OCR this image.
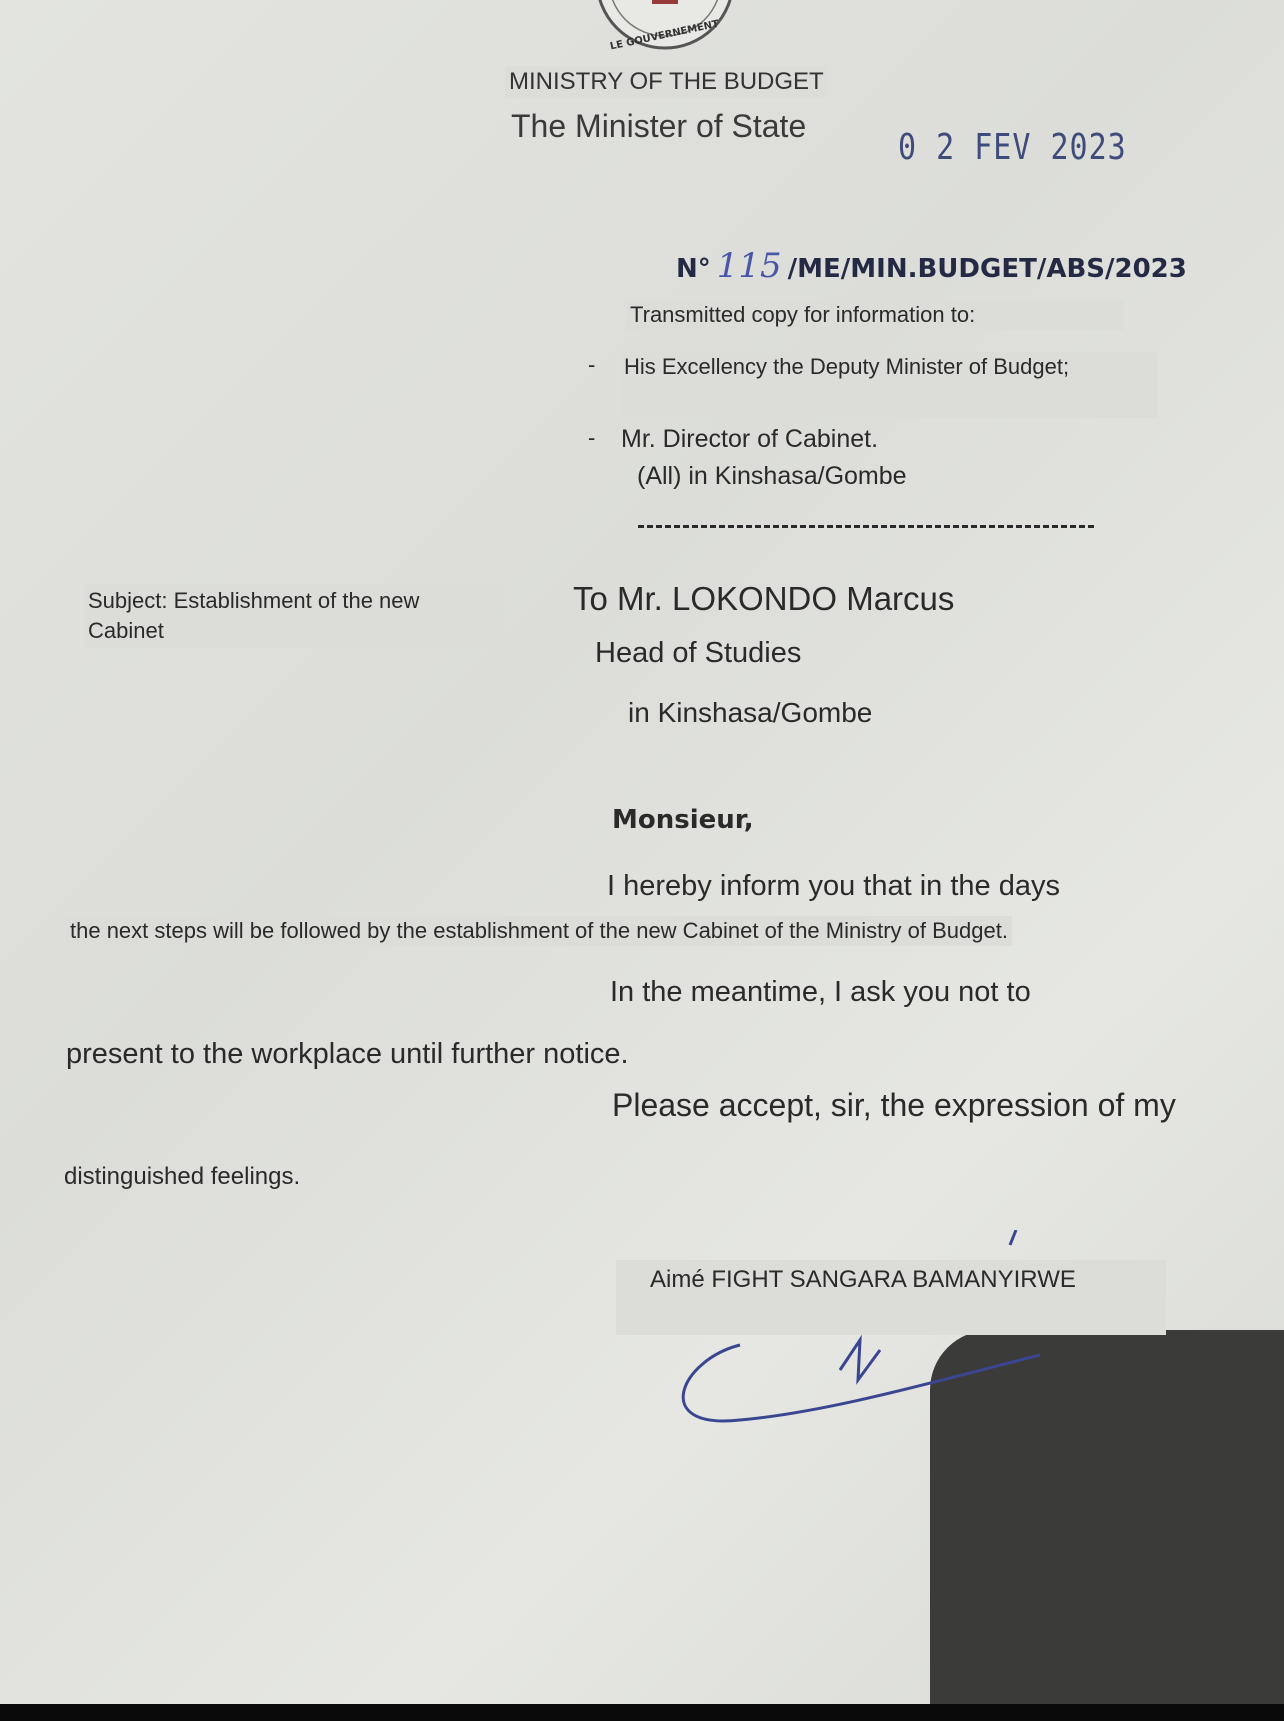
LE GOUVERNEMENT
MINISTRY OF THE BUDGET
The Minister of State
0 2 FEV 2023
N° 115 /ME/MIN.BUDGET/ABS/2023
Transmitted copy for information to:
- His Excellency the Deputy Minister of Budget;
- Mr. Director of Cabinet.
(All) in Kinshasa/Gombe
Subject: Establishment of the new Cabinet
To Mr. LOKONDO Marcus
Head of Studies
in Kinshasa/Gombe
Monsieur,
I hereby inform you that in the days
the next steps will be followed by the establishment of the new Cabinet of the Ministry of Budget.
In the meantime, I ask you not to
present to the workplace until further notice.
Please accept, sir, the expression of my
distinguished feelings.
Aimé FIGHT SANGARA BAMANYIRWE
